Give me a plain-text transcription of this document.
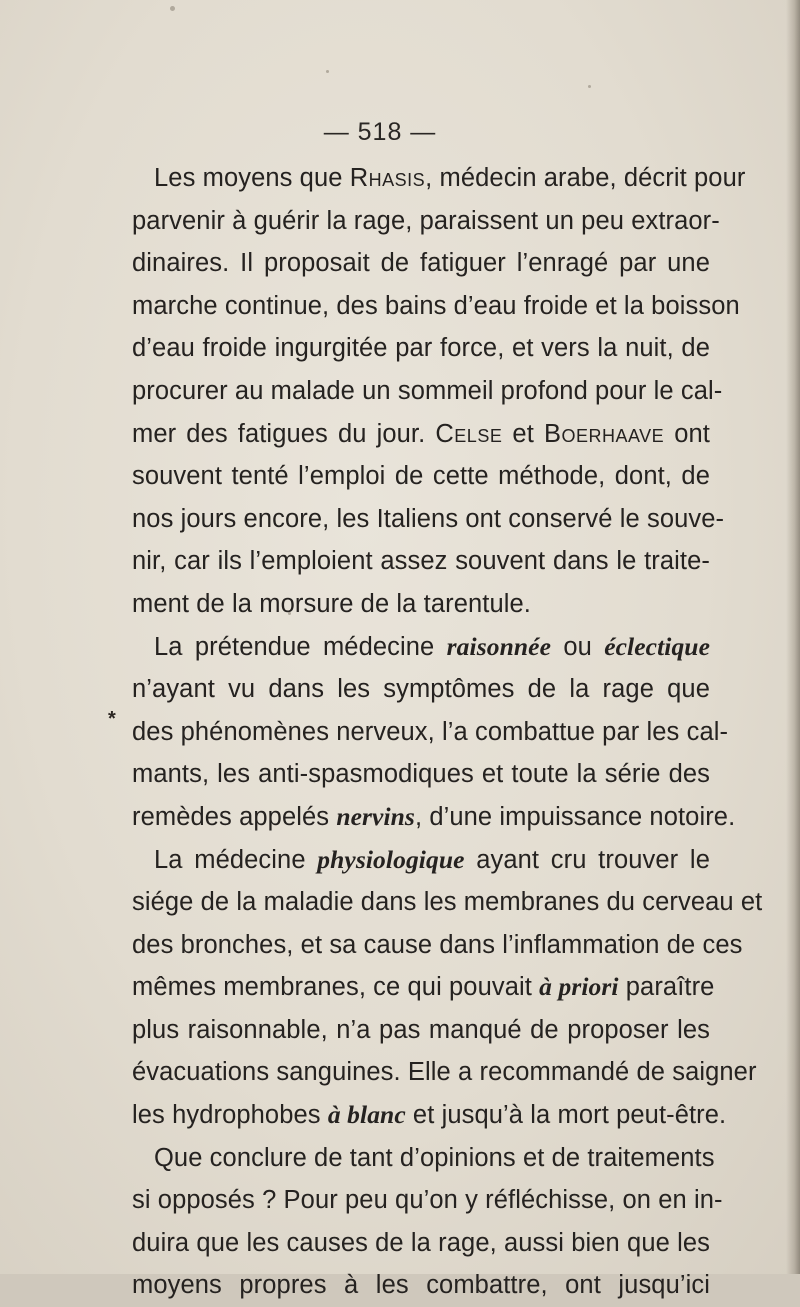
— 518 —
*
Les moyens que Rhasis, médecin arabe, décrit pour
parvenir à guérir la rage, paraissent un peu extraor-
dinaires. Il proposait de fatiguer l’enragé par une
marche continue, des bains d’eau froide et la boisson
d’eau froide ingurgitée par force, et vers la nuit, de
procurer au malade un sommeil profond pour le cal-
mer des fatigues du jour. Celse et Boerhaave ont
souvent tenté l’emploi de cette méthode, dont, de
nos jours encore, les Italiens ont conservé le souve-
nir, car ils l’emploient assez souvent dans le traite-
ment de la morsure de la tarentule.
La prétendue médecine raisonnée ou éclectique
n’ayant vu dans les symptômes de la rage que
des phénomènes nerveux, l’a combattue par les cal-
mants, les anti-spasmodiques et toute la série des
remèdes appelés nervins, d’une impuissance notoire.
La médecine physiologique ayant cru trouver le
siége de la maladie dans les membranes du cerveau et
des bronches, et sa cause dans l’inflammation de ces
mêmes membranes, ce qui pouvait à priori paraître
plus raisonnable, n’a pas manqué de proposer les
évacuations sanguines. Elle a recommandé de saigner
les hydrophobes à blanc et jusqu’à la mort peut-être.
Que conclure de tant d’opinions et de traitements
si opposés ? Pour peu qu’on y réfléchisse, on en in-
duira que les causes de la rage, aussi bien que les
moyens propres à les combattre, ont jusqu’ici
